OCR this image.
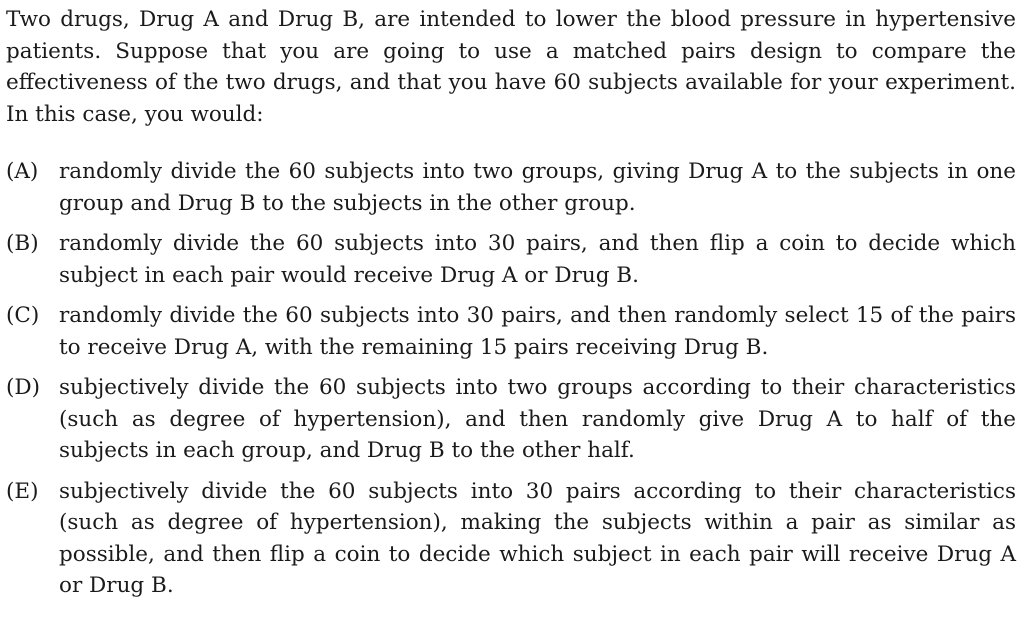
Two drugs, Drug A and Drug B, are intended to lower the blood pressure in hypertensive patients. Suppose that you are going to use a matched pairs design to compare the effectiveness of the two drugs, and that you have 60 subjects available for your experiment. In this case, you would:

(A) randomly divide the 60 subjects into two groups, giving Drug A to the subjects in one group and Drug B to the subjects in the other group.
(B) randomly divide the 60 subjects into 30 pairs, and then flip a coin to decide which subject in each pair would receive Drug A or Drug B.
(C) randomly divide the 60 subjects into 30 pairs, and then randomly select 15 of the pairs to receive Drug A, with the remaining 15 pairs receiving Drug B.
(D) subjectively divide the 60 subjects into two groups according to their characteristics (such as degree of hypertension), and then randomly give Drug A to half of the subjects in each group, and Drug B to the other half.
(E) subjectively divide the 60 subjects into 30 pairs according to their characteristics (such as degree of hypertension), making the subjects within a pair as similar as possible, and then flip a coin to decide which subject in each pair will receive Drug A or Drug B.
